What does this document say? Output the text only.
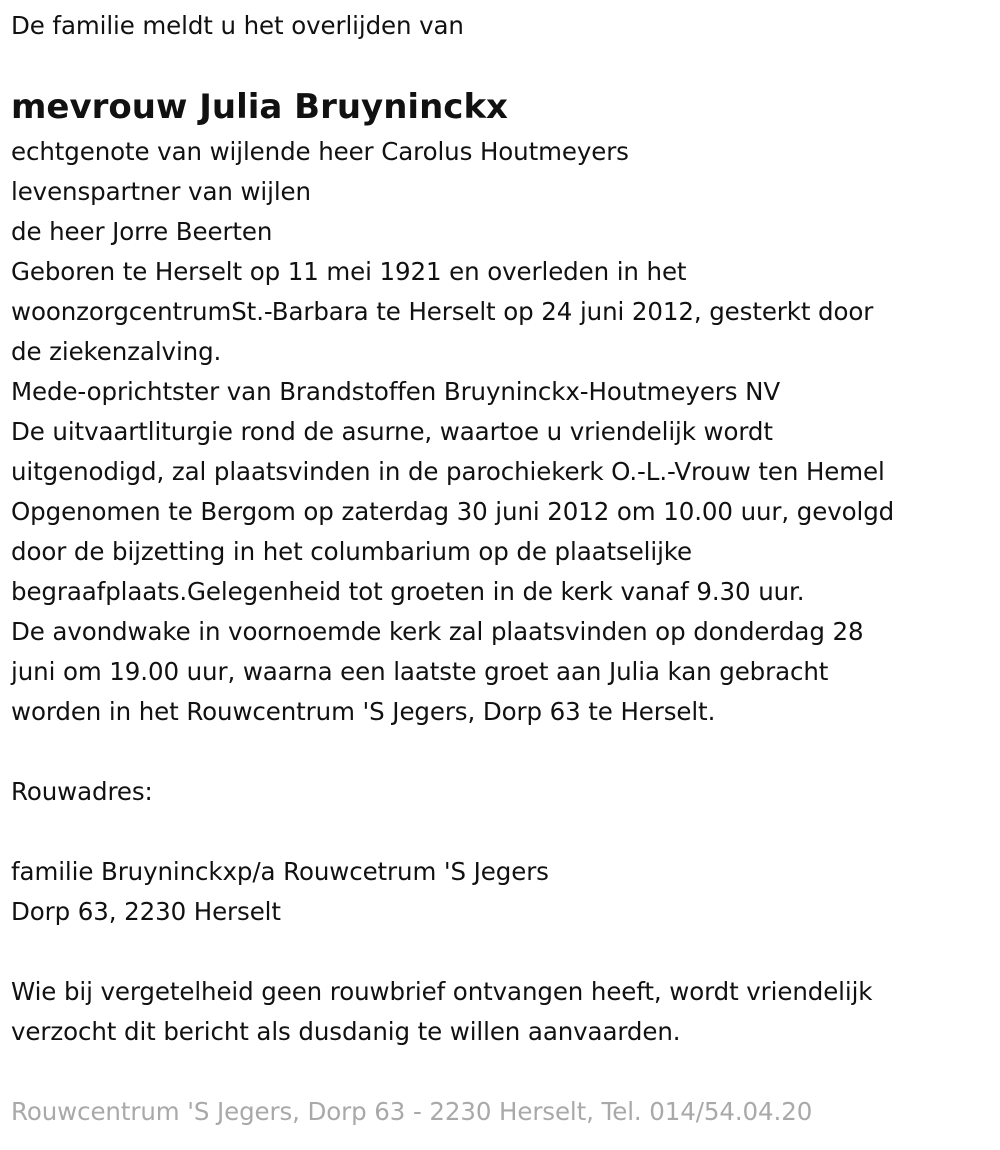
De familie meldt u het overlijden van
mevrouw Julia Bruyninckx
echtgenote van wijlende heer Carolus Houtmeyers
levenspartner van wijlen
de heer Jorre Beerten
Geboren te Herselt op 11 mei 1921 en overleden in het
woonzorgcentrumSt.-Barbara te Herselt op 24 juni 2012, gesterkt door
de ziekenzalving.
Mede-oprichtster van Brandstoffen Bruyninckx-Houtmeyers NV
De uitvaartliturgie rond de asurne, waartoe u vriendelijk wordt
uitgenodigd, zal plaatsvinden in de parochiekerk O.-L.-Vrouw ten Hemel
Opgenomen te Bergom op zaterdag 30 juni 2012 om 10.00 uur, gevolgd
door de bijzetting in het columbarium op de plaatselijke
begraafplaats.Gelegenheid tot groeten in de kerk vanaf 9.30 uur.
De avondwake in voornoemde kerk zal plaatsvinden op donderdag 28
juni om 19.00 uur, waarna een laatste groet aan Julia kan gebracht
worden in het Rouwcentrum 'S Jegers, Dorp 63 te Herselt.
Rouwadres:
familie Bruyninckxp/a Rouwcetrum 'S Jegers
Dorp 63, 2230 Herselt
Wie bij vergetelheid geen rouwbrief ontvangen heeft, wordt vriendelijk
verzocht dit bericht als dusdanig te willen aanvaarden.
Rouwcentrum 'S Jegers, Dorp 63 - 2230 Herselt, Tel. 014/54.04.20
